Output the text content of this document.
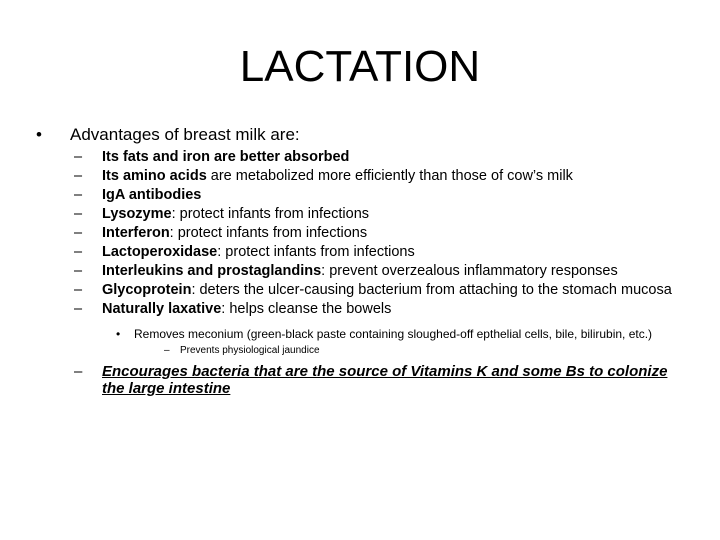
LACTATION
• Advantages of breast milk are:
– Its fats and iron are better absorbed
– Its amino acids are metabolized more efficiently than those of cow’s milk
– IgA antibodies
– Lysozyme: protect infants from infections
– Interferon: protect infants from infections
– Lactoperoxidase: protect infants from infections
– Interleukins and prostaglandins: prevent overzealous inflammatory responses
– Glycoprotein: deters the ulcer-causing bacterium from attaching to the stomach mucosa
– Naturally laxative: helps cleanse the bowels
• Removes meconium (green-black paste containing sloughed-off epthelial cells, bile, bilirubin, etc.)
– Prevents physiological jaundice
– Encourages bacteria that are the source of Vitamins K and some Bs to colonize the large intestine
